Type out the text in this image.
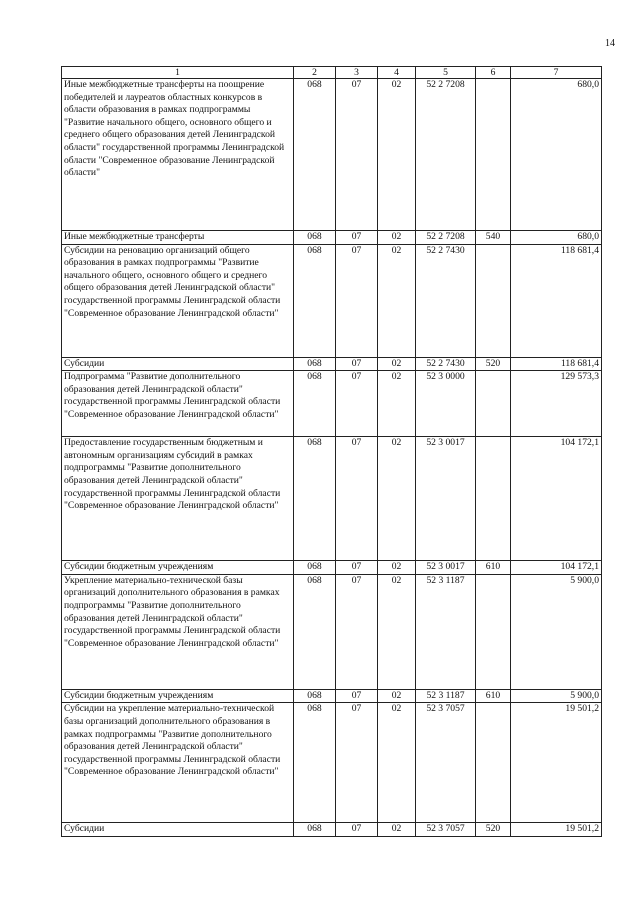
14
1	2	3	4	5	6	7
Иные межбюджетные трансферты на поощрение победителей и лауреатов областных конкурсов в области образования в рамках подпрограммы "Развитие начального общего, основного общего и среднего общего образования детей Ленинградской области" государственной программы Ленинградской области "Современное образование Ленинградской области"	068	07	02	52 2 7208		680,0
Иные межбюджетные трансферты	068	07	02	52 2 7208	540	680,0
Субсидии на реновацию организаций общего образования в рамках подпрограммы "Развитие начального общего, основного общего и среднего общего образования детей Ленинградской области" государственной программы Ленинградской области "Современное образование Ленинградской области"	068	07	02	52 2 7430		118 681,4
Субсидии	068	07	02	52 2 7430	520	118 681,4
Подпрограмма "Развитие дополнительного образования детей Ленинградской области" государственной программы Ленинградской области "Современное образование Ленинградской области"	068	07	02	52 3 0000		129 573,3
Предоставление государственным бюджетным и автономным организациям субсидий в рамках подпрограммы "Развитие дополнительного образования детей Ленинградской области" государственной программы Ленинградской области "Современное образование Ленинградской области"	068	07	02	52 3 0017		104 172,1
Субсидии бюджетным учреждениям	068	07	02	52 3 0017	610	104 172,1
Укрепление материально-технической базы организаций дополнительного образования в рамках подпрограммы "Развитие дополнительного образования детей Ленинградской области" государственной программы Ленинградской области "Современное образование Ленинградской области"	068	07	02	52 3 1187		5 900,0
Субсидии бюджетным учреждениям	068	07	02	52 3 1187	610	5 900,0
Субсидии на укрепление материально-технической базы организаций дополнительного образования в рамках подпрограммы "Развитие дополнительного образования детей Ленинградской области" государственной программы Ленинградской области "Современное образование Ленинградской области"	068	07	02	52 3 7057		19 501,2
Субсидии	068	07	02	52 3 7057	520	19 501,2
